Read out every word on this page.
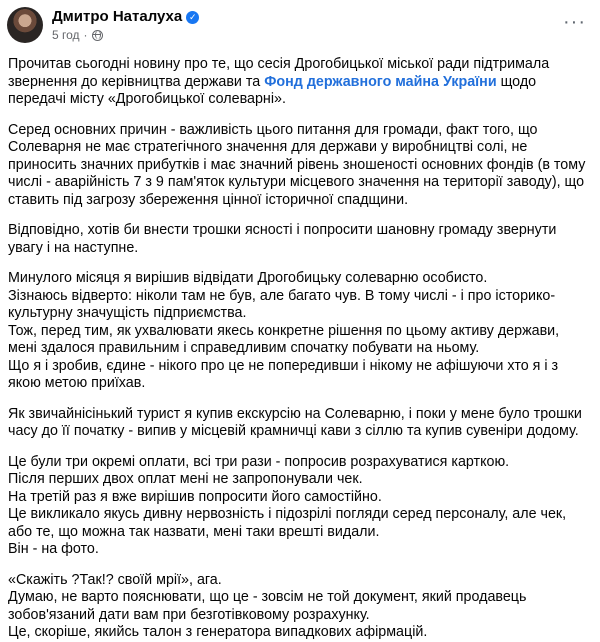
Дмитро Наталуха ✓
5 год ·
···

Прочитав сьогодні новину про те, що сесія Дрогобицької міської ради підтримала звернення до керівництва держави та Фонд державного майна України щодо передачі місту «Дрогобицької солеварні».

Серед основних причин - важливість цього питання для громади, факт того, що Солеварня не має стратегічного значення для держави у виробництві солі, не приносить значних прибутків і має значний рівень зношеності основних фондів (в тому числі - аварійність 7 з 9 пам'яток культури місцевого значення на території заводу), що ставить під загрозу збереження цінної історичної спадщини.

Відповідно, хотів би внести трошки ясності і попросити шановну громаду звернути увагу і на наступне.

Минулого місяця я вирішив відвідати Дрогобицьку солеварню особисто.

Зізнаюсь відверто: ніколи там не був, але багато чув. В тому числі - і про історико-культурну значущість підприємства.

Тож, перед тим, як ухвалювати якесь конкретне рішення по цьому активу держави, мені здалося правильним і справедливим спочатку побувати на ньому.

Що я і зробив, єдине - нікого про це не попередивши і нікому не афішуючи хто я і з якою метою приїхав.

Як звичайнісінький турист я купив екскурсію на Солеварню, і поки у мене було трошки часу до її початку - випив у місцевій крамничці кави з сіллю та купив сувеніри додому.

Це були три окремі оплати, всі три рази - попросив розрахуватися карткою.

Після перших двох оплат мені не запропонували чек.

На третій раз я вже вирішив попросити його самостійно.

Це викликало якусь дивну нервозність і підозрілі погляди серед персоналу, але чек, або те, що можна так назвати, мені таки врешті видали.

Він - на фото.

«Скажіть ?Так!? своїй мрії», ага.

Думаю, не варто пояснювати, що це - зовсім не той документ, який продавець зобов'язаний дати вам при безготівковому розрахунку.

Це, скоріше, якийсь талон з генератора випадкових афірмацій.
